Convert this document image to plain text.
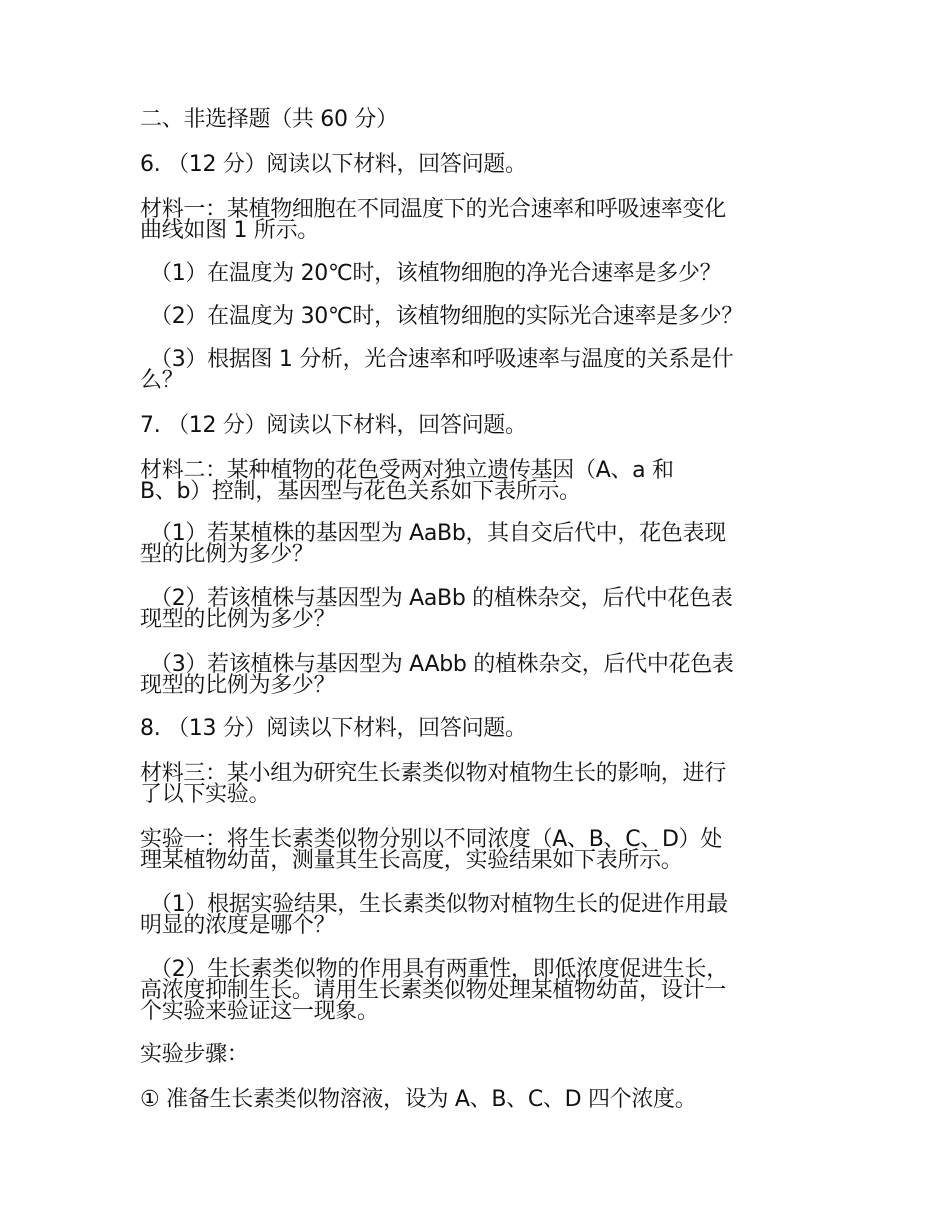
二、非选择题（共 60 分）
6. （12 分）阅读以下材料，回答问题。
材料一：某植物细胞在不同温度下的光合速率和呼吸速率变化
曲线如图 1 所示。
（1）在温度为 20℃时，该植物细胞的净光合速率是多少？
（2）在温度为 30℃时，该植物细胞的实际光合速率是多少？
（3）根据图 1 分析，光合速率和呼吸速率与温度的关系是什
么？
7. （12 分）阅读以下材料，回答问题。
材料二：某种植物的花色受两对独立遗传基因（A、a 和
B、b）控制，基因型与花色关系如下表所示。
（1）若某植株的基因型为 AaBb，其自交后代中，花色表现
型的比例为多少？
（2）若该植株与基因型为 AaBb 的植株杂交，后代中花色表
现型的比例为多少？
（3）若该植株与基因型为 AAbb 的植株杂交，后代中花色表
现型的比例为多少？
8. （13 分）阅读以下材料，回答问题。
材料三：某小组为研究生长素类似物对植物生长的影响，进行
了以下实验。
实验一：将生长素类似物分别以不同浓度（A、B、C、D）处
理某植物幼苗，测量其生长高度，实验结果如下表所示。
（1）根据实验结果，生长素类似物对植物生长的促进作用最
明显的浓度是哪个？
（2）生长素类似物的作用具有两重性，即低浓度促进生长，
高浓度抑制生长。请用生长素类似物处理某植物幼苗，设计一
个实验来验证这一现象。
实验步骤：
① 准备生长素类似物溶液，设为 A、B、C、D 四个浓度。
